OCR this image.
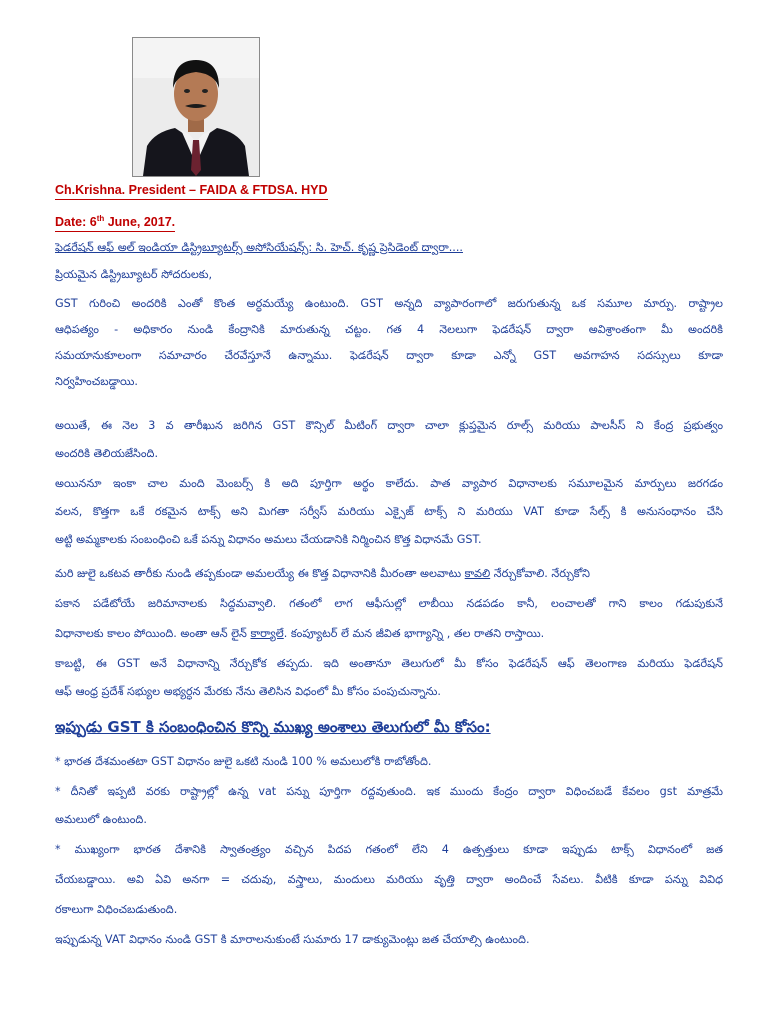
Ch.Krishna. President – FAIDA & FTDSA. HYD
Date: 6th June, 2017.
ఫెడరేషన్ ఆఫ్ అల్ ఇండియా డిస్ట్రిబ్యూటర్స్ అసోసియేషన్స్: సి. హెచ్. కృష్ణ ప్రెసిడెంట్ ద్వారా....
ప్రియమైన డిస్ట్రిబ్యూటర్ సోదరులకు,
GST గురించి అందరికి ఎంతో కొంత అర్ధమయ్యే ఉంటుంది. GST అన్నది వ్యాపారంగాలో జరుగుతున్న ఒక సమూల మార్పు. రాష్ట్రాల
ఆధిపత్యం - అధికారం నుండి కేంద్రానికి మారుతున్న చట్టం. గత 4 నెలలుగా ఫెడరేషన్ ద్వారా అవిశ్రాంతంగా మీ అందరికి
సమయానుకూలంగా సమాచారం చేరవేస్తూనే ఉన్నాము. ఫెడరేషన్ ద్వారా కూడా ఎన్నో GST అవగాహన సదస్సులు కూడా
నిర్వహించబడ్డాయి.
అయితే, ఈ నెల 3 వ తారీఖున జరిగిన GST కౌన్సిల్ మీటింగ్ ద్వారా చాలా క్లుప్తమైన రూల్స్ మరియు పాలసీస్ ని కేంద్ర ప్రభుత్వం
అందరికి తెలియజేసింది.
అయిననూ ఇంకా చాల మంది మెంబర్స్ కి అది పూర్తిగా అర్థం కాలేదు. పాత వ్యాపార విధానాలకు సమూలమైన మార్పులు జరగడం
వలన, కొత్తగా ఒకే రకమైన టాక్స్ అని మిగతా సర్వీస్ మరియు ఎక్సైజ్ టాక్స్ ని మరియు VAT కూడా సేల్స్ కి అనుసంధానం చేసి
అట్టి అమ్మకాలకు సంబంధించి ఒకే పన్ను విధానం అమలు చేయడానికి నిర్మించిన కొత్త విధానమే GST.
మరి జులై ఒకటవ తారీకు నుండి తప్పకుండా అమలయ్యే ఈ కొత్త విధానానికి మీరంతా అలవాటు కావలి నేర్చుకోవాలి. నేర్చుకోని
పకాన పడేటోయే జరిమానాలకు సిద్ధమవ్వాలి. గతంలో లాగ ఆఫీసుల్లో లాబీయి నడపడం కానీ, లంచాలతో గాని కాలం గడుపుకునే
విధానాలకు కాలం పోయింది. అంతా ఆన్ లైన్ కార్యాలే. కంప్యూటర్ లే మన జీవిత భాగ్యాన్ని , తల రాతని రాస్తాయి.
కాబట్టి, ఈ GST అనే విధానాన్ని నేర్చుకోక తప్పదు. ఇది అంతానూ తెలుగులో మీ కోసం ఫెడరేషన్ ఆఫ్ తెలంగాణ మరియు ఫెడరేషన్
ఆఫ్ ఆంధ్ర ప్రదేశ్ సభ్యుల అభ్యర్ధన మేరకు నేను తెలిసిన విధంలో మీ కోసం పంపుచున్నాను.
ఇప్పుడు GST కి సంబంధించిన కొన్ని ముఖ్య అంశాలు తెలుగులో మీ కోసం:
* భారత దేశమంతటా GST విధానం జులై ఒకటి నుండి 100 % అమలులోకి రాబోతోంది.
* దీనితో ఇప్పటి వరకు రాష్ట్రాల్లో ఉన్న vat పన్ను పూర్తిగా రద్దవుతుంది. ఇక ముందు కేంద్రం ద్వారా విధించబడే కేవలం gst మాత్రమే
అమలులో ఉంటుంది.
* ముఖ్యంగా భారత దేశానికి స్వాతంత్ర్యం వచ్చిన పిదప గతంలో లేని 4 ఉత్పత్తులు కూడా ఇప్పుడు టాక్స్ విధానంలో జత
చేయబడ్డాయి. అవి ఏవి అనగా = చదువు, వస్త్రాలు, మందులు మరియు వృత్తి ద్వారా అందించే సేవలు. వీటికి కూడా పన్ను వివిధ
రకాలుగా విధించబడుతుంది.
ఇప్పుడున్న VAT విధానం నుండి GST కి మారాలనుకుంటే సుమారు 17 డాక్యుమెంట్లు జత చేయాల్సి ఉంటుంది.
